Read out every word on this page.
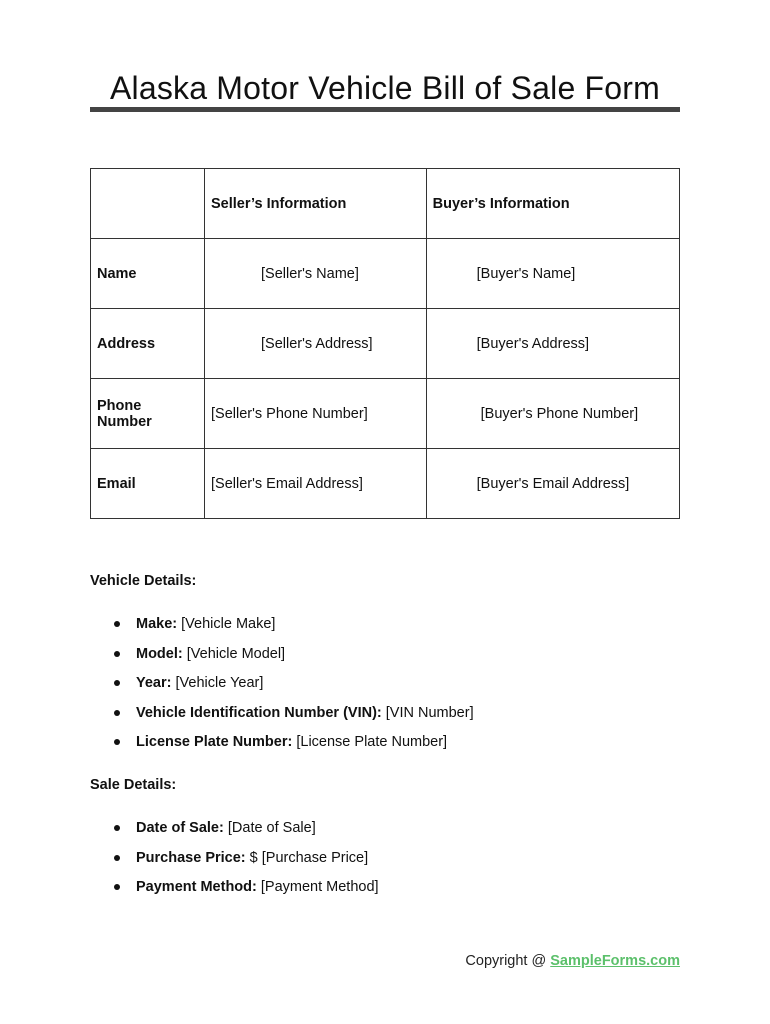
Alaska Motor Vehicle Bill of Sale Form
	Seller’s Information	Buyer’s Information
Name	[Seller's Name]	[Buyer's Name]
Address	[Seller's Address]	[Buyer's Address]
Phone Number	[Seller's Phone Number]	[Buyer's Phone Number]
Email	[Seller's Email Address]	[Buyer's Email Address]
Vehicle Details:
Make: [Vehicle Make]
Model: [Vehicle Model]
Year: [Vehicle Year]
Vehicle Identification Number (VIN): [VIN Number]
License Plate Number: [License Plate Number]
Sale Details:
Date of Sale: [Date of Sale]
Purchase Price: $ [Purchase Price]
Payment Method: [Payment Method]
Copyright @ SampleForms.com
